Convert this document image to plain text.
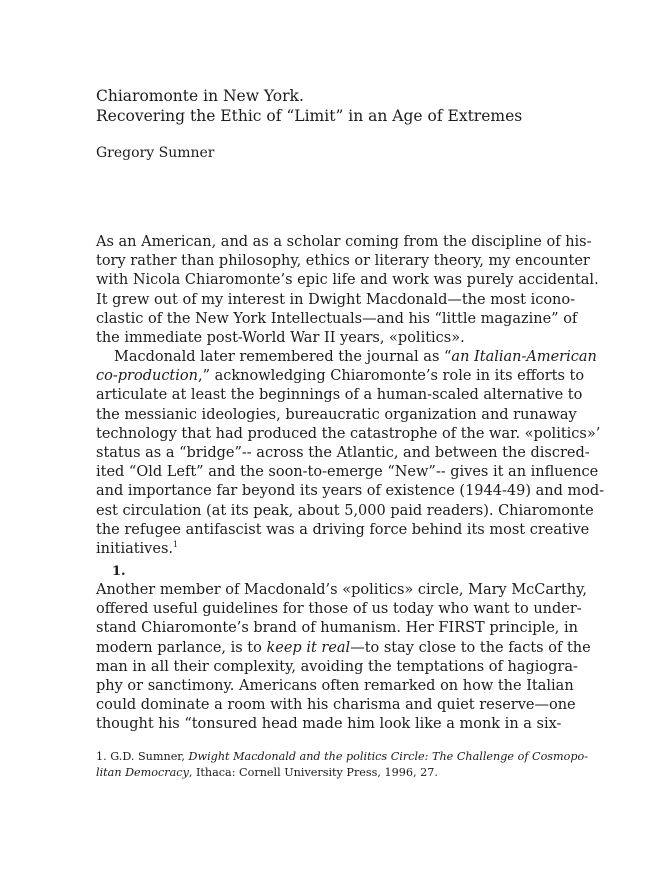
Chiaromonte in New York.

Recovering the Ethic of “Limit” in an Age of Extremes

Gregory Sumner
As an American, and as a scholar coming from the discipline of his-
tory rather than philosophy, ethics or literary theory, my encounter
with Nicola Chiaromonte’s epic life and work was purely accidental.
It grew out of my interest in Dwight Macdonald—the most icono-
clastic of the New York Intellectuals—and his “little magazine” of
the immediate post-World War II years, «politics».
Macdonald later remembered the journal as “an Italian-American
co-production,” acknowledging Chiaromonte’s role in its efforts to
articulate at least the beginnings of a human-scaled alternative to
the messianic ideologies, bureaucratic organization and runaway
technology that had produced the catastrophe of the war. «politics»’
status as a “bridge”-- across the Atlantic, and between the discred-
ited “Old Left” and the soon-to-emerge “New”-- gives it an influence
and importance far beyond its years of existence (1944-49) and mod-
est circulation (at its peak, about 5,000 paid readers). Chiaromonte
the refugee antifascist was a driving force behind its most creative
initiatives.$^1$
1.
Another member of Macdonald’s «politics» circle, Mary McCarthy,
offered useful guidelines for those of us today who want to under-
stand Chiaromonte’s brand of humanism. Her FIRST principle, in
modern parlance, is to keep it real—to stay close to the facts of the
man in all their complexity, avoiding the temptations of hagiogra-
phy or sanctimony. Americans often remarked on how the Italian
could dominate a room with his charisma and quiet reserve—one
thought his “tonsured head made him look like a monk in a six-
1. G.D. Sumner, Dwight Macdonald and the politics Circle: The Challenge of Cosmopo-
litan Democracy, Ithaca: Cornell University Press, 1996, 27.
